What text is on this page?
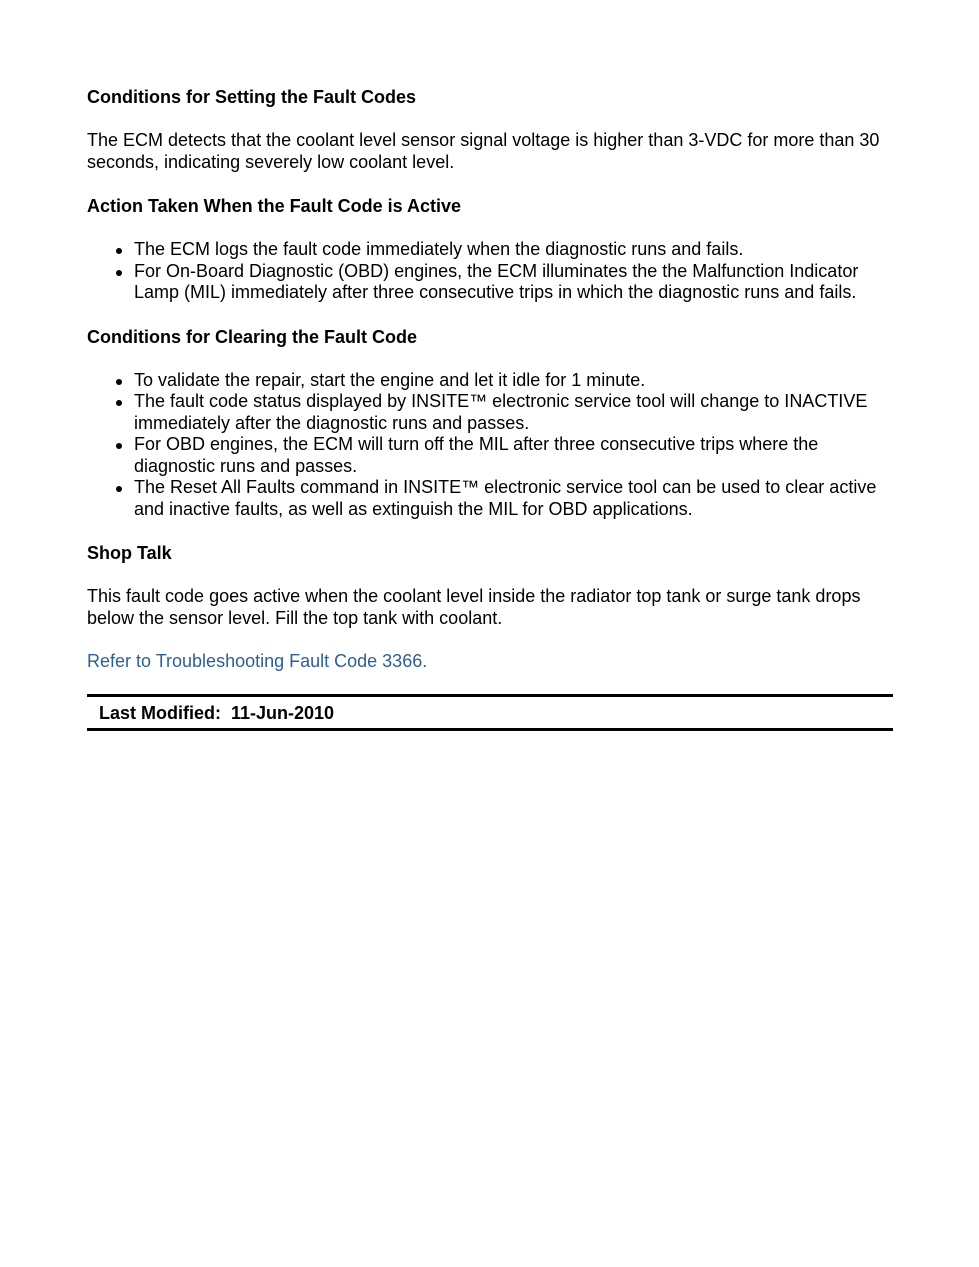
Conditions for Setting the Fault Codes

The ECM detects that the coolant level sensor signal voltage is higher than 3-VDC for more than 30 seconds, indicating severely low coolant level.

Action Taken When the Fault Code is Active
The ECM logs the fault code immediately when the diagnostic runs and fails.
For On-Board Diagnostic (OBD) engines, the ECM illuminates the the Malfunction Indicator Lamp (MIL) immediately after three consecutive trips in which the diagnostic runs and fails.
Conditions for Clearing the Fault Code
To validate the repair, start the engine and let it idle for 1 minute.
The fault code status displayed by INSITE™ electronic service tool will change to INACTIVE immediately after the diagnostic runs and passes.
For OBD engines, the ECM will turn off the MIL after three consecutive trips where the diagnostic runs and passes.
The Reset All Faults command in INSITE™ electronic service tool can be used to clear active and inactive faults, as well as extinguish the MIL for OBD applications.
Shop Talk

This fault code goes active when the coolant level inside the radiator top tank or surge tank drops below the sensor level. Fill the top tank with coolant.

Refer to Troubleshooting Fault Code 3366.
Last Modified:  11-Jun-2010
